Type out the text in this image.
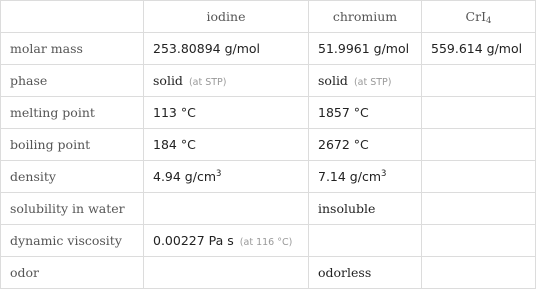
	iodine	chromium	CrI$_4$
molar mass	253.80894 g/mol	51.9961 g/mol	559.614 g/mol
phase	solid (at STP)	solid (at STP)	
melting point	113 °C	1857 °C	
boiling point	184 °C	2672 °C	
density	4.94 $g/cm^3$	7.14 $g/cm^3$	
solubility in water		insoluble	
dynamic viscosity	0.00227 Pa s (at 116 °C)		
odor		odorless	
